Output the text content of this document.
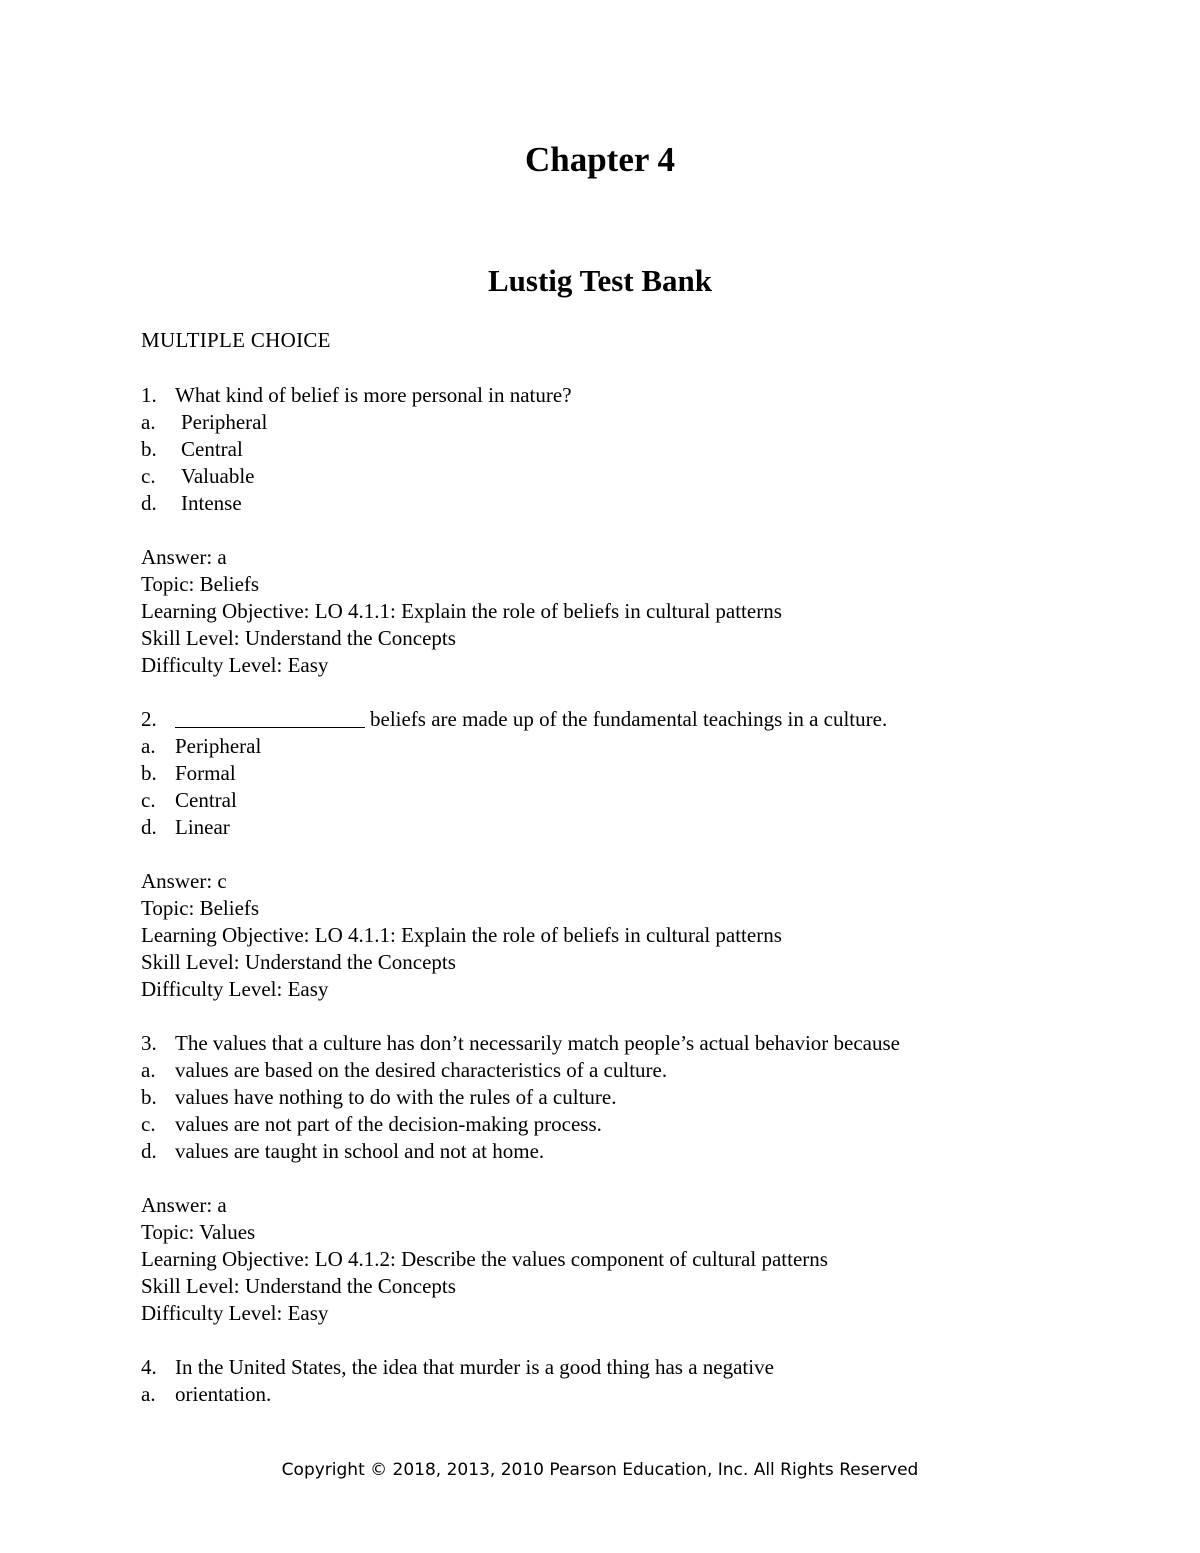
Chapter 4
Lustig Test Bank
MULTIPLE CHOICE
1. What kind of belief is more personal in nature?
a. Peripheral
b. Central
c. Valuable
d. Intense
Answer: a
Topic: Beliefs
Learning Objective: LO 4.1.1: Explain the role of beliefs in cultural patterns
Skill Level: Understand the Concepts
Difficulty Level: Easy
2.	beliefs are made up of the fundamental teachings in a culture.
a. Peripheral
b. Formal
c. Central
d. Linear
Answer: c
Topic: Beliefs
Learning Objective: LO 4.1.1: Explain the role of beliefs in cultural patterns
Skill Level: Understand the Concepts
Difficulty Level: Easy
3. The values that a culture has don’t necessarily match people’s actual behavior because
a. values are based on the desired characteristics of a culture.
b. values have nothing to do with the rules of a culture.
c. values are not part of the decision-making process.
d. values are taught in school and not at home.
Answer: a
Topic: Values
Learning Objective: LO 4.1.2: Describe the values component of cultural patterns
Skill Level: Understand the Concepts
Difficulty Level: Easy
4. In the United States, the idea that murder is a good thing has a negative
a. orientation.
Copyright © 2018, 2013, 2010 Pearson Education, Inc. All Rights Reserved
